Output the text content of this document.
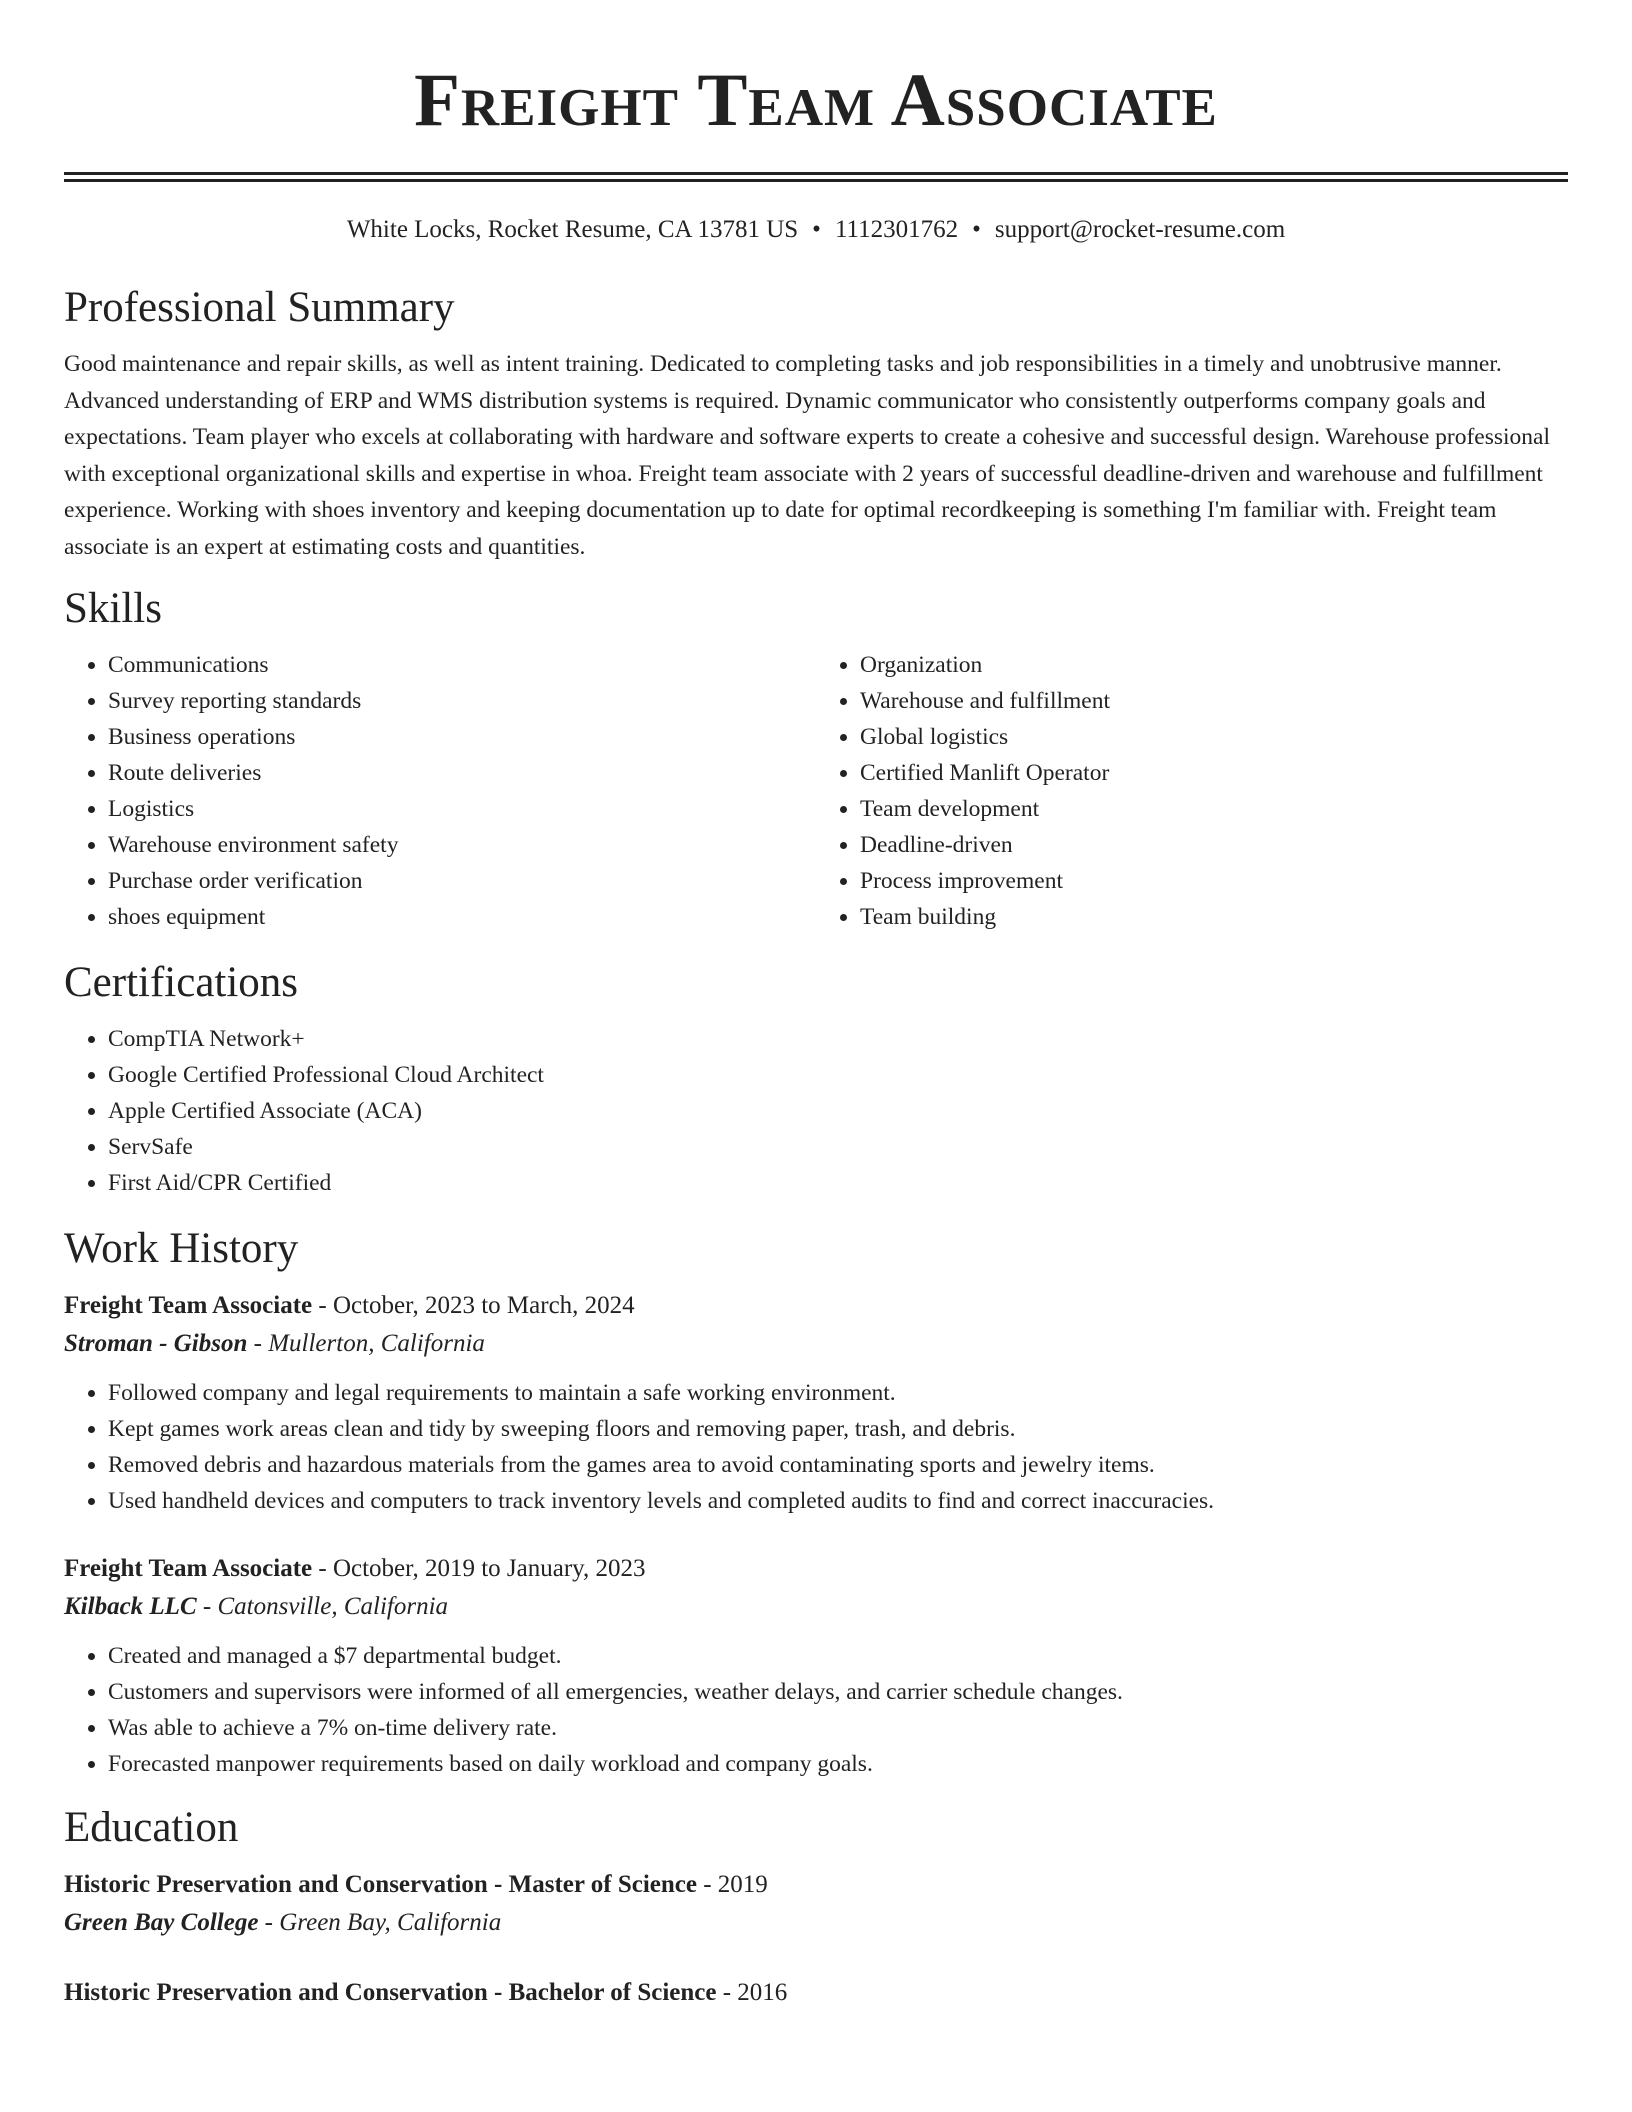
Freight Team Associate
White Locks, Rocket Resume, CA 13781 US • 1112301762 • support@rocket-resume.com
Professional Summary

Good maintenance and repair skills, as well as intent training. Dedicated to completing tasks and job responsibilities in a timely and unobtrusive manner. Advanced understanding of ERP and WMS distribution systems is required. Dynamic communicator who consistently outperforms company goals and expectations. Team player who excels at collaborating with hardware and software experts to create a cohesive and successful design. Warehouse professional with exceptional organizational skills and expertise in whoa. Freight team associate with 2 years of successful deadline-driven and warehouse and fulfillment experience. Working with shoes inventory and keeping documentation up to date for optimal recordkeeping is something I'm familiar with. Freight team associate is an expert at estimating costs and quantities.

Skills
• Communications
• Survey reporting standards
• Business operations
• Route deliveries
• Logistics
• Warehouse environment safety
• Purchase order verification
• shoes equipment
• Organization
• Warehouse and fulfillment
• Global logistics
• Certified Manlift Operator
• Team development
• Deadline-driven
• Process improvement
• Team building
Certifications
• CompTIA Network+
• Google Certified Professional Cloud Architect
• Apple Certified Associate (ACA)
• ServSafe
• First Aid/CPR Certified
Work History
Freight Team Associate - October, 2023 to March, 2024
Stroman - Gibson - Mullerton, California
• Followed company and legal requirements to maintain a safe working environment.
• Kept games work areas clean and tidy by sweeping floors and removing paper, trash, and debris.
• Removed debris and hazardous materials from the games area to avoid contaminating sports and jewelry items.
• Used handheld devices and computers to track inventory levels and completed audits to find and correct inaccuracies.
Freight Team Associate - October, 2019 to January, 2023
Kilback LLC - Catonsville, California
• Created and managed a $7 departmental budget.
• Customers and supervisors were informed of all emergencies, weather delays, and carrier schedule changes.
• Was able to achieve a 7% on-time delivery rate.
• Forecasted manpower requirements based on daily workload and company goals.
Education
Historic Preservation and Conservation - Master of Science - 2019
Green Bay College - Green Bay, California
Historic Preservation and Conservation - Bachelor of Science - 2016
